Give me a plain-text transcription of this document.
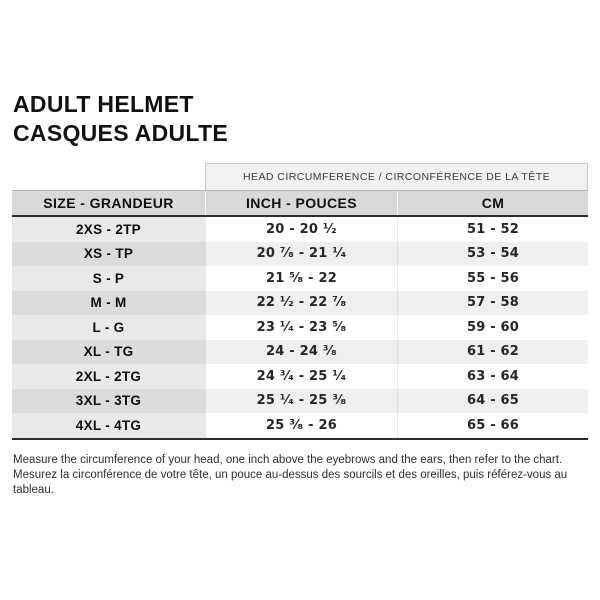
ADULT HELMET
CASQUES ADULTE
HEAD CIRCUMFERENCE / CIRCONFÉRENCE DE LA TÊTE
SIZE - GRANDEUR	INCH - POUCES	CM
2XS - 2TP	20 - 20 ¹⁄₂	51 - 52
XS - TP	20 ⁷⁄₈ - 21 ¹⁄₄	53 - 54
S - P	21 ⁵⁄₈ - 22	55 - 56
M - M	22 ¹⁄₂ - 22 ⁷⁄₈	57 - 58
L - G	23 ¹⁄₄ - 23 ⁵⁄₈	59 - 60
XL - TG	24 - 24 ³⁄₈	61 - 62
2XL - 2TG	24 ³⁄₄ - 25 ¹⁄₄	63 - 64
3XL - 3TG	25 ¹⁄₄ - 25 ³⁄₈	64 - 65
4XL - 4TG	25 ³⁄₈ - 26	65 - 66
Measure the circumference of your head, one inch above the eyebrows and the ears, then refer to the chart.
Mesurez la circonférence de votre tête, un pouce au-dessus des sourcils et des oreilles, puis référez-vous au tableau.
